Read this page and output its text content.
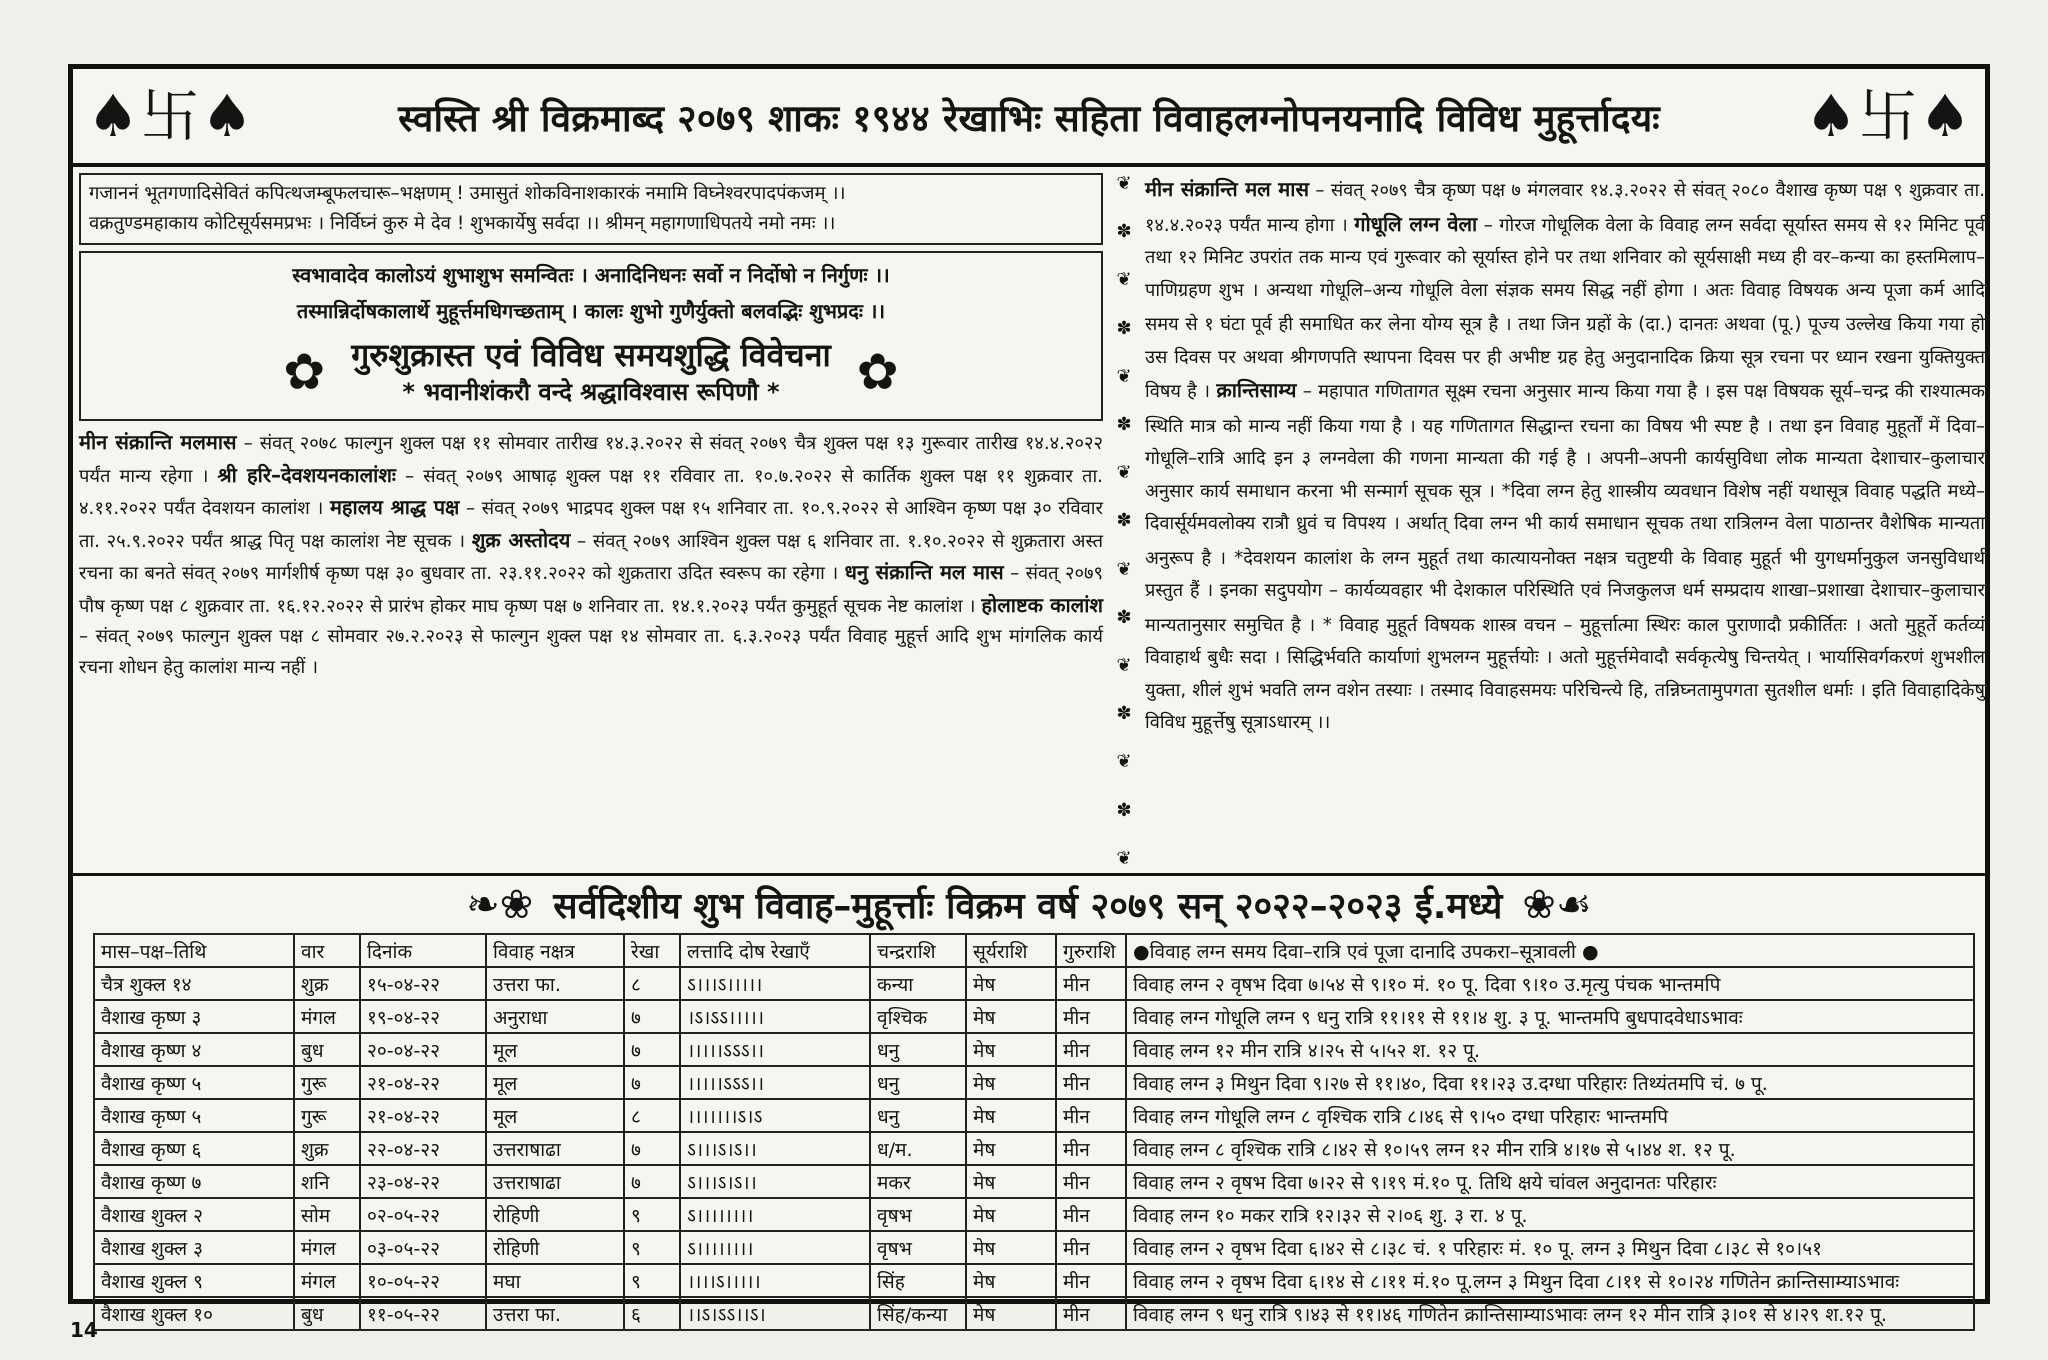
♠ 卐 ♠	स्वस्ति श्री विक्रमाब्द २०७९ शाकः १९४४ रेखाभिः सहिता विवाहलग्नोपनयनादि विविध मुहूर्त्तादयः	♠ 卐 ♠
गजाननं भूतगणादिसेवितं कपित्थजम्बूफलचारू–भक्षणम् ! उमासुतं शोकविनाशकारकं नमामि विघ्नेश्वरपादपंकजम् ।।
वक्रतुण्डमहाकाय कोटिसूर्यसमप्रभः । निर्विघ्नं कुरु मे देव ! शुभकार्येषु सर्वदा ।। श्रीमन् महागणाधिपतये नमो नमः ।।
स्वभावादेव कालोऽयं शुभाशुभ समन्वितः । अनादिनिधनः सर्वो न निर्दोषो न निर्गुणः ।।
तस्मान्निर्दोषकालार्थे मुहूर्त्तमधिगच्छताम् । कालः शुभो गुणैर्युक्तो बलवद्भिः शुभप्रदः ।।
✿ गुरुशुक्रास्त एवं विविध समयशुद्धि विवेचना
* भवानीशंकरौ वन्दे श्रद्धाविश्वास रूपिणौ *	✿
मीन संक्रान्ति मलमास – संवत् २०७८ फाल्गुन शुक्ल पक्ष ११ सोमवार तारीख १४.३.२०२२ से संवत् २०७९ चैत्र शुक्ल पक्ष १३ गुरूवार तारीख १४.४.२०२२ पर्यंत मान्य रहेगा । श्री हरि–देवशयनकालांशः – संवत् २०७९ आषाढ़ शुक्ल पक्ष ११ रविवार ता. १०.७.२०२२ से कार्तिक शुक्ल पक्ष ११ शुक्रवार ता. ४.११.२०२२ पर्यंत देवशयन कालांश । महालय श्राद्ध पक्ष – संवत् २०७९ भाद्रपद शुक्ल पक्ष १५ शनिवार ता. १०.९.२०२२ से आश्विन कृष्ण पक्ष ३० रविवार ता. २५.९.२०२२ पर्यंत श्राद्ध पितृ पक्ष कालांश नेष्ट सूचक । शुक्र अस्तोदय – संवत् २०७९ आश्विन शुक्ल पक्ष ६ शनिवार ता. १.१०.२०२२ से शुक्रतारा अस्त रचना का बनते संवत् २०७९ मार्गशीर्ष कृष्ण पक्ष ३० बुधवार ता. २३.११.२०२२ को शुक्रतारा उदित स्वरूप का रहेगा । धनु संक्रान्ति मल मास – संवत् २०७९ पौष कृष्ण पक्ष ८ शुक्रवार ता. १६.१२.२०२२ से प्रारंभ होकर माघ कृष्ण पक्ष ७ शनिवार ता. १४.१.२०२३ पर्यंत कुमुहूर्त सूचक नेष्ट कालांश । होलाष्टक कालांश – संवत् २०७९ फाल्गुन शुक्ल पक्ष ८ सोमवार २७.२.२०२३ से फाल्गुन शुक्ल पक्ष १४ सोमवार ता. ६.३.२०२३ पर्यंत विवाह मुहूर्त्त आदि शुभ मांगलिक कार्य रचना शोधन हेतु कालांश मान्य नहीं ।
❦
✽
❦
✽
❦
✽
❦
✽
❦
✽
❦
✽
❦
✽
❦
मीन संक्रान्ति मल मास – संवत् २०७९ चैत्र कृष्ण पक्ष ७ मंगलवार १४.३.२०२२ से संवत् २०८० वैशाख कृष्ण पक्ष ९ शुक्रवार ता. १४.४.२०२३ पर्यंत मान्य होगा । गोधूलि लग्न वेला – गोरज गोधूलिक वेला के विवाह लग्न सर्वदा सूर्यास्त समय से १२ मिनिट पूर्व तथा १२ मिनिट उपरांत तक मान्य एवं गुरूवार को सूर्यास्त होने पर तथा शनिवार को सूर्यसाक्षी मध्य ही वर–कन्या का हस्तमिलाप–पाणिग्रहण शुभ । अन्यथा गोधूलि–अन्य गोधूलि वेला संज्ञक समय सिद्ध नहीं होगा । अतः विवाह विषयक अन्य पूजा कर्म आदि समय से १ घंटा पूर्व ही समाधित कर लेना योग्य सूत्र है । तथा जिन ग्रहों के (दा.) दानतः अथवा (पू.) पूज्य उल्लेख किया गया हो उस दिवस पर अथवा श्रीगणपति स्थापना दिवस पर ही अभीष्ट ग्रह हेतु अनुदानादिक क्रिया सूत्र रचना पर ध्यान रखना युक्तियुक्त विषय है । क्रान्तिसाम्य – महापात गणितागत सूक्ष्म रचना अनुसार मान्य किया गया है । इस पक्ष विषयक सूर्य–चन्द्र की राश्यात्मक स्थिति मात्र को मान्य नहीं किया गया है । यह गणितागत सिद्धान्त रचना का विषय भी स्पष्ट है । तथा इन विवाह मुहूर्तों में दिवा–गोधूलि–रात्रि आदि इन ३ लग्नवेला की गणना मान्यता की गई है । अपनी–अपनी कार्यसुविधा लोक मान्यता देशाचार–कुलाचार अनुसार कार्य समाधान करना भी सन्मार्ग सूचक सूत्र । *दिवा लग्न हेतु शास्त्रीय व्यवधान विशेष नहीं यथासूत्र विवाह पद्धति मध्ये– दिवार्सूर्यमवलोक्य रात्रौ ध्रुवं च विपश्य । अर्थात् दिवा लग्न भी कार्य समाधान सूचक तथा रात्रिलग्न वेला पाठान्तर वैशेषिक मान्यता अनुरूप है । *देवशयन कालांश के लग्न मुहूर्त तथा कात्यायनोक्त नक्षत्र चतुष्टयी के विवाह मुहूर्त भी युगधर्मानुकुल जनसुविधार्थ प्रस्तुत हैं । इनका सदुपयोग – कार्यव्यवहार भी देशकाल परिस्थिति एवं निजकुलज धर्म सम्प्रदाय शाखा–प्रशाखा देशाचार–कुलाचार मान्यतानुसार समुचित है । * विवाह मुहूर्त विषयक शास्त्र वचन – मुहूर्त्तात्मा स्थिरः काल पुराणादौ प्रकीर्तितः । अतो मुहूर्ते कर्तव्यं विवाहार्थ बुधैः सदा । सिद्धिर्भवति कार्याणां शुभलग्न मुहूर्त्तयोः । अतो मुहूर्त्तमेवादौ सर्वकृत्येषु चिन्तयेत् । भार्यासिवर्गकरणं शुभशील युक्ता, शीलं शुभं भवति लग्न वशेन तस्याः । तस्माद विवाहसमयः परिचिन्त्ये हि, तन्निघ्नतामुपगता सुतशील धर्माः । इति विवाहादिकेषु विविध मुहूर्त्तेषु सूत्राऽधारम् ।।
❧❀ सर्वदिशीय शुभ विवाह–मुहूर्त्ताः विक्रम वर्ष २०७९ सन् २०२२–२०२३ ई.मध्ये ❀☙
मास–पक्ष–तिथि	वार	दिनांक	विवाह नक्षत्र	रेखा	लत्तादि दोष रेखाएँ	चन्द्रराशि	सूर्यराशि	गुरुराशि	●विवाह लग्न समय दिवा–रात्रि एवं पूजा दानादि उपकरा–सूत्रावली ●
चैत्र शुक्ल १४	शुक्र	१५-०४-२२	उत्तरा फा.	८	ऽ।।।ऽ।।।।।	कन्या	मेष	मीन	विवाह लग्न २ वृषभ दिवा ७।५४ से ९।१० मं. १० पू. दिवा ९।१० उ.मृत्यु पंचक भान्तमपि
वैशाख कृष्ण ३	मंगल	१९-०४-२२	अनुराधा	७	।ऽ।ऽऽ।।।।।	वृश्चिक	मेष	मीन	विवाह लग्न गोधूलि लग्न ९ धनु रात्रि ११।११ से ११।४ शु. ३ पू. भान्तमपि बुधपादवेधाऽभावः
वैशाख कृष्ण ४	बुध	२०-०४-२२	मूल	७	।।।।।ऽऽऽ।।	धनु	मेष	मीन	विवाह लग्न १२ मीन रात्रि ४।२५ से ५।५२ श. १२ पू.
वैशाख कृष्ण ५	गुरू	२१-०४-२२	मूल	७	।।।।।ऽऽऽ।।	धनु	मेष	मीन	विवाह लग्न ३ मिथुन दिवा ९।२७ से ११।४०, दिवा ११।२३ उ.दग्धा परिहारः तिथ्यंतमपि चं. ७ पू.
वैशाख कृष्ण ५	गुरू	२१-०४-२२	मूल	८	।।।।।।।ऽ।ऽ	धनु	मेष	मीन	विवाह लग्न गोधूलि लग्न ८ वृश्चिक रात्रि ८।४६ से ९।५० दग्धा परिहारः भान्तमपि
वैशाख कृष्ण ६	शुक्र	२२-०४-२२	उत्तराषाढा	७	ऽ।।।ऽ।ऽ।।	ध/म.	मेष	मीन	विवाह लग्न ८ वृश्चिक रात्रि ८।४२ से १०।५९ लग्न १२ मीन रात्रि ४।१७ से ५।४४ श. १२ पू.
वैशाख कृष्ण ७	शनि	२३-०४-२२	उत्तराषाढा	७	ऽ।।।ऽ।ऽ।।	मकर	मेष	मीन	विवाह लग्न २ वृषभ दिवा ७।२२ से ९।१९ मं.१० पू. तिथि क्षये चांवल अनुदानतः परिहारः
वैशाख शुक्ल २	सोम	०२-०५-२२	रोहिणी	९	ऽ।।।।।।।।	वृषभ	मेष	मीन	विवाह लग्न १० मकर रात्रि १२।३२ से २।०६ शु. ३ रा. ४ पू.
वैशाख शुक्ल ३	मंगल	०३-०५-२२	रोहिणी	९	ऽ।।।।।।।।	वृषभ	मेष	मीन	विवाह लग्न २ वृषभ दिवा ६।४२ से ८।३८ चं. १ परिहारः मं. १० पू. लग्न ३ मिथुन दिवा ८।३८ से १०।५१
वैशाख शुक्ल ९	मंगल	१०-०५-२२	मघा	९	।।।।ऽ।।।।।	सिंह	मेष	मीन	विवाह लग्न २ वृषभ दिवा ६।१४ से ८।११ मं.१० पू.लग्न ३ मिथुन दिवा ८।११ से १०।२४ गणितेन क्रान्तिसाम्याऽभावः
वैशाख शुक्ल १०	बुध	११-०५-२२	उत्तरा फा.	६	।।ऽ।ऽऽ।।ऽ।	सिंह/कन्या	मेष	मीन	विवाह लग्न ९ धनु रात्रि ९।४३ से ११।४६ गणितेन क्रान्तिसाम्याऽभावः लग्न १२ मीन रात्रि ३।०१ से ४।२९ श.१२ पू.
14
